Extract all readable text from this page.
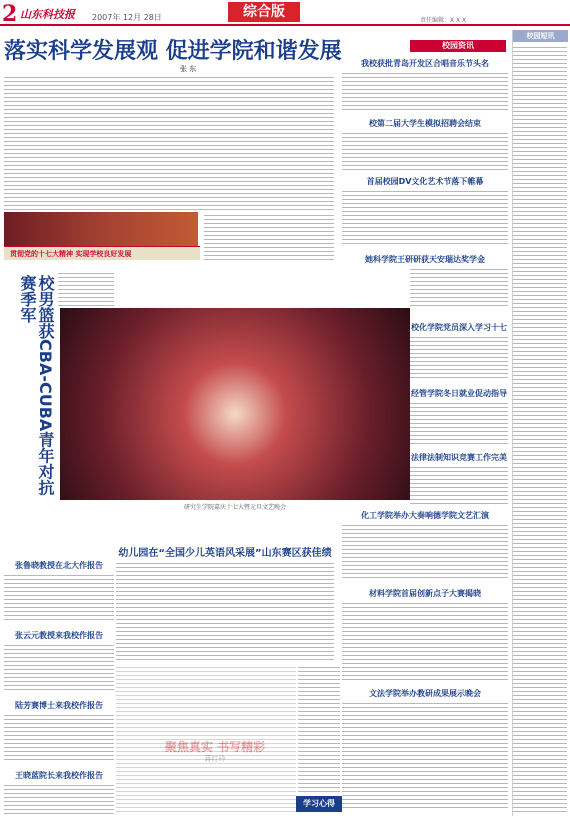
2 山东科技报 2007年 12月 28日	综合版
责任编辑：X X X
落实科学发展观 促进学院和谐发展
张 东
贯彻党的十七大精神 实现学校良好发展
校园资讯
我校获批青岛开发区合唱音乐节头名
校第二届大学生模拟招聘会结束
首届校园DV文化艺术节落下帷幕
她科学院王研研获天安瑞达奖学金
校化学院党员深入学习十七
经管学院冬日就业促动指导
法律法制知识竞赛工作完美
化工学院举办大奏响德学院文艺汇演
材料学院首届创新点子大赛揭晓
文法学院举办教研成果展示晚会
校园短讯
校男篮获CBA-CUBA青年对抗赛季军
研究生学院嘉庆十七大暨元旦文艺晚会
张鲁晓教授在北大作报告
张云元教授来我校作报告
陆芳赛博士来我校作报告
王晓蓝院长来我校作报告
幼儿园在“全国少儿英语风采展”山东赛区获佳绩
学习心得
